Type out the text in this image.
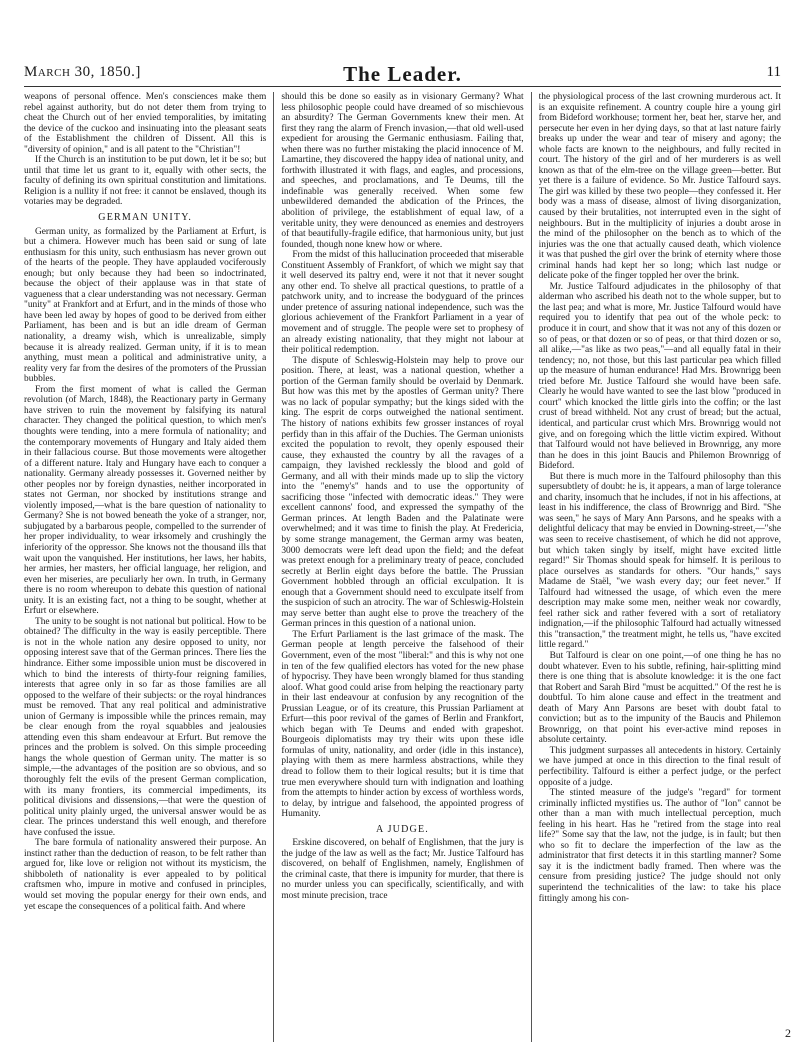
March 30, 1850.]	The Leader.	11

weapons of personal offence. Men's consciences make them rebel against authority, but do not deter them from trying to cheat the Church out of her envied temporalities, by imitating the device of the cuckoo and insinuating into the pleasant seats of the Establishment the children of Dissent. All this is "diversity of opinion," and is all patent to the "Christian"!

If the Church is an institution to be put down, let it be so; but until that time let us grant to it, equally with other sects, the faculty of defining its own spiritual constitution and limitations. Religion is a nullity if not free: it cannot be enslaved, though its votaries may be degraded.

GERMAN UNITY.

German unity, as formalized by the Parliament at Erfurt, is but a chimera. However much has been said or sung of late enthusiasm for this unity, such enthusiasm has never grown out of the hearts of the people. They have applauded vociferously enough; but only because they had been so indoctrinated, because the object of their applause was in that state of vagueness that a clear understanding was not necessary. German "unity" at Frankfort and at Erfurt, and in the minds of those who have been led away by hopes of good to be derived from either Parliament, has been and is but an idle dream of German nationality, a dreamy wish, which is unrealizable, simply because it is already realized. German unity, if it is to mean anything, must mean a political and administrative unity, a reality very far from the desires of the promoters of the Prussian bubbles.

From the first moment of what is called the German revolution (of March, 1848), the Reactionary party in Germany have striven to ruin the movement by falsifying its natural character. They changed the political question, to which men's thoughts were tending, into a mere formula of nationality; and the contemporary movements of Hungary and Italy aided them in their fallacious course. But those movements were altogether of a different nature. Italy and Hungary have each to conquer a nationality. Germany already possesses it. Governed neither by other peoples nor by foreign dynasties, neither incorporated in states not German, nor shocked by institutions strange and violently imposed,—what is the bare question of nationality to Germany? She is not bowed beneath the yoke of a stranger, nor, subjugated by a barbarous people, compelled to the surrender of her proper individuality, to wear irksomely and crushingly the inferiority of the oppressor. She knows not the thousand ills that wait upon the vanquished. Her institutions, her laws, her habits, her armies, her masters, her official language, her religion, and even her miseries, are peculiarly her own. In truth, in Germany there is no room whereupon to debate this question of national unity. It is an existing fact, not a thing to be sought, whether at Erfurt or elsewhere.

The unity to be sought is not national but political. How to be obtained? The difficulty in the way is easily perceptible. There is not in the whole nation any desire opposed to unity, nor opposing interest save that of the German princes. There lies the hindrance. Either some impossible union must be discovered in which to bind the interests of thirty-four reigning families, interests that agree only in so far as those families are all opposed to the welfare of their subjects: or the royal hindrances must be removed. That any real political and administrative union of Germany is impossible while the princes remain, may be clear enough from the royal squabbles and jealousies attending even this sham endeavour at Erfurt. But remove the princes and the problem is solved. On this simple proceeding hangs the whole question of German unity. The matter is so simple,—the advantages of the position are so obvious, and so thoroughly felt the evils of the present German complication, with its many frontiers, its commercial impediments, its political divisions and dissensions,—that were the question of political unity plainly urged, the universal answer would be as clear. The princes understand this well enough, and therefore have confused the issue.

The bare formula of nationality answered their purpose. An instinct rather than the deduction of reason, to be felt rather than argued for, like love or religion not without its mysticism, the shibboleth of nationality is ever appealed to by political craftsmen who, impure in motive and confused in principles, would set moving the popular energy for their own ends, and yet escape the consequences of a political faith. And where

should this be done so easily as in visionary Germany? What less philosophic people could have dreamed of so mischievous an absurdity? The German Governments knew their men. At first they rang the alarm of French invasion,—that old well-used expedient for arousing the Germanic enthusiasm. Failing that, when there was no further mistaking the placid innocence of M. Lamartine, they discovered the happy idea of national unity, and forthwith illustrated it with flags, and eagles, and processions, and speeches, and proclamations, and Te Deums, till the indefinable was generally received. When some few unbewildered demanded the abdication of the Princes, the abolition of privilege, the establishment of equal law, of a veritable unity, they were denounced as enemies and destroyers of that beautifully-fragile edifice, that harmonious unity, but just founded, though none knew how or where.

From the midst of this hallucination proceeded that miserable Constituent Assembly of Frankfort, of which we might say that it well deserved its paltry end, were it not that it never sought any other end. To shelve all practical questions, to prattle of a patchwork unity, and to increase the bodyguard of the princes under pretence of assuring national independence, such was the glorious achievement of the Frankfort Parliament in a year of movement and of struggle. The people were set to prophesy of an already existing nationality, that they might not labour at their political redemption.

The dispute of Schleswig-Holstein may help to prove our position. There, at least, was a national question, whether a portion of the German family should be overlaid by Denmark. But how was this met by the apostles of German unity? There was no lack of popular sympathy; but the kings sided with the king. The esprit de corps outweighed the national sentiment. The history of nations exhibits few grosser instances of royal perfidy than in this affair of the Duchies. The German unionists excited the population to revolt, they openly espoused their cause, they exhausted the country by all the ravages of a campaign, they lavished recklessly the blood and gold of Germany, and all with their minds made up to slip the victory into the "enemy's" hands and to use the opportunity of sacrificing those "infected with democratic ideas." They were excellent cannons' food, and expressed the sympathy of the German princes. At length Baden and the Palatinate were overwhelmed; and it was time to finish the play. At Fredericia, by some strange management, the German army was beaten, 3000 democrats were left dead upon the field; and the defeat was pretext enough for a preliminary treaty of peace, concluded secretly at Berlin eight days before the battle. The Prussian Government hobbled through an official exculpation. It is enough that a Government should need to exculpate itself from the suspicion of such an atrocity. The war of Schleswig-Holstein may serve better than aught else to prove the treachery of the German princes in this question of a national union.

The Erfurt Parliament is the last grimace of the mask. The German people at length perceive the falsehood of their Government, even of the most "liberal:" and this is why not one in ten of the few qualified electors has voted for the new phase of hypocrisy. They have been wrongly blamed for thus standing aloof. What good could arise from helping the reactionary party in their last endeavour at confusion by any recognition of the Prussian League, or of its creature, this Prussian Parliament at Erfurt—this poor revival of the games of Berlin and Frankfort, which began with Te Deums and ended with grapeshot. Bourgeois diplomatists may try their wits upon these idle formulas of unity, nationality, and order (idle in this instance), playing with them as mere harmless abstractions, while they dread to follow them to their logical results; but it is time that true men everywhere should turn with indignation and loathing from the attempts to hinder action by excess of worthless words, to delay, by intrigue and falsehood, the appointed progress of Humanity.

A JUDGE.

Erskine discovered, on behalf of Englishmen, that the jury is the judge of the law as well as the fact; Mr. Justice Talfourd has discovered, on behalf of Englishmen, namely, Englishmen of the criminal caste, that there is impunity for murder, that there is no murder unless you can specifically, scientifically, and with most minute precision, trace

the physiological process of the last crowning murderous act. It is an exquisite refinement. A country couple hire a young girl from Bideford workhouse; torment her, beat her, starve her, and persecute her even in her dying days, so that at last nature fairly breaks up under the wear and tear of misery and agony; the whole facts are known to the neighbours, and fully recited in court. The history of the girl and of her murderers is as well known as that of the elm-tree on the village green—better. But yet there is a failure of evidence. So Mr. Justice Talfourd says. The girl was killed by these two people—they confessed it. Her body was a mass of disease, almost of living disorganization, caused by their brutalities, not interrupted even in the sight of neighbours. But in the multiplicity of injuries a doubt arose in the mind of the philosopher on the bench as to which of the injuries was the one that actually caused death, which violence it was that pushed the girl over the brink of eternity where those criminal hands had kept her so long; which last nudge or delicate poke of the finger toppled her over the brink.

Mr. Justice Talfourd adjudicates in the philosophy of that alderman who ascribed his death not to the whole supper, but to the last pea; and what is more, Mr. Justice Talfourd would have required you to identify that pea out of the whole peck: to produce it in court, and show that it was not any of this dozen or so of peas, or that dozen or so of peas, or that third dozen or so, all alike,—"as like as two peas,"—and all equally fatal in their tendency; no, not those, but this last particular pea which filled up the measure of human endurance! Had Mrs. Brownrigg been tried before Mr. Justice Talfourd she would have been safe. Clearly he would have wanted to see the last blow "produced in court" which knocked the little girls into the coffin; or the last crust of bread withheld. Not any crust of bread; but the actual, identical, and particular crust which Mrs. Brownrigg would not give, and on foregoing which the little victim expired. Without that Talfourd would not have believed in Brownrigg, any more than he does in this joint Baucis and Philemon Brownrigg of Bideford.

But there is much more in the Talfourd philosophy than this supersubtlety of doubt: he is, it appears, a man of large tolerance and charity, insomuch that he includes, if not in his affections, at least in his indifference, the class of Brownrigg and Bird. "She was seen," he says of Mary Ann Parsons, and he speaks with a delightful delicacy that may be envied in Downing-street,—"she was seen to receive chastisement, of which he did not approve, but which taken singly by itself, might have excited little regard!" Sir Thomas should speak for himself. It is perilous to place ourselves as standards for others. "Our hands," says Madame de Staël, "we wash every day; our feet never." If Talfourd had witnessed the usage, of which even the mere description may make some men, neither weak nor cowardly, feel rather sick and rather fevered with a sort of retaliatory indignation,—if the philosophic Talfourd had actually witnessed this "transaction," the treatment might, he tells us, "have excited little regard."

But Talfourd is clear on one point,—of one thing he has no doubt whatever. Even to his subtle, refining, hair-splitting mind there is one thing that is absolute knowledge: it is the one fact that Robert and Sarah Bird "must be acquitted." Of the rest he is doubtful. To him alone cause and effect in the treatment and death of Mary Ann Parsons are beset with doubt fatal to conviction; but as to the impunity of the Baucis and Philemon Brownrigg, on that point his ever-active mind reposes in absolute certainty.

This judgment surpasses all antecedents in history. Certainly we have jumped at once in this direction to the final result of perfectibility. Talfourd is either a perfect judge, or the perfect opposite of a judge.

The stinted measure of the judge's "regard" for torment criminally inflicted mystifies us. The author of "Ion" cannot be other than a man with much intellectual perception, much feeling in his heart. Has he "retired from the stage into real life?" Some say that the law, not the judge, is in fault; but then who so fit to declare the imperfection of the law as the administrator that first detects it in this startling manner? Some say it is the indictment badly framed. Then where was the censure from presiding justice? The judge should not only superintend the technicalities of the law: to take his place fittingly among his con-

2
